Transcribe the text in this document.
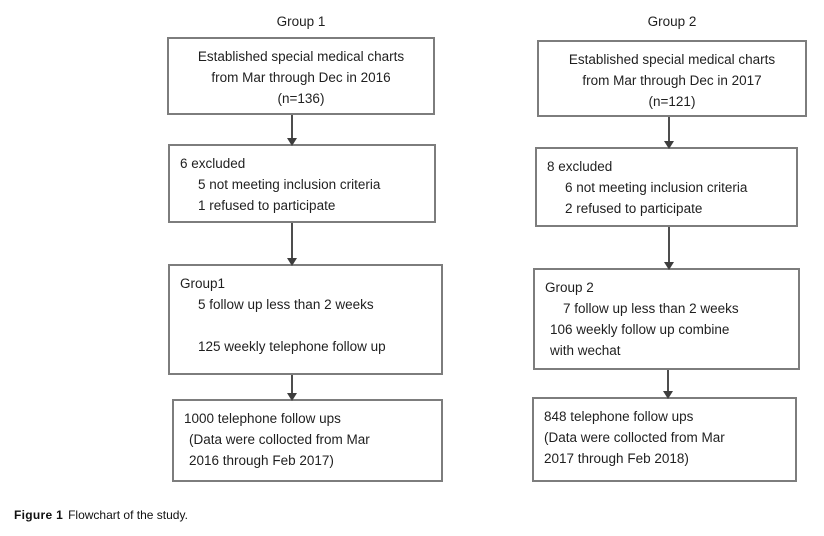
Group 1	Group 2
Established special medical charts
from Mar through Dec in 2016
(n=136)
6 excluded
5 not meeting inclusion criteria
1 refused to participate
Group1
5 follow up less than 2 weeks
125 weekly telephone follow up
1000 telephone follow ups
(Data were collocted from Mar
2016 through Feb 2017)
Established special medical charts
from Mar through Dec in 2017
(n=121)
8 excluded
6 not meeting inclusion criteria
2 refused to participate
Group 2
7 follow up less than 2 weeks
106 weekly follow up combine
with wechat
848 telephone follow ups
(Data were collocted from Mar
2017 through Feb 2018)
Figure 1 Flowchart of the study.
